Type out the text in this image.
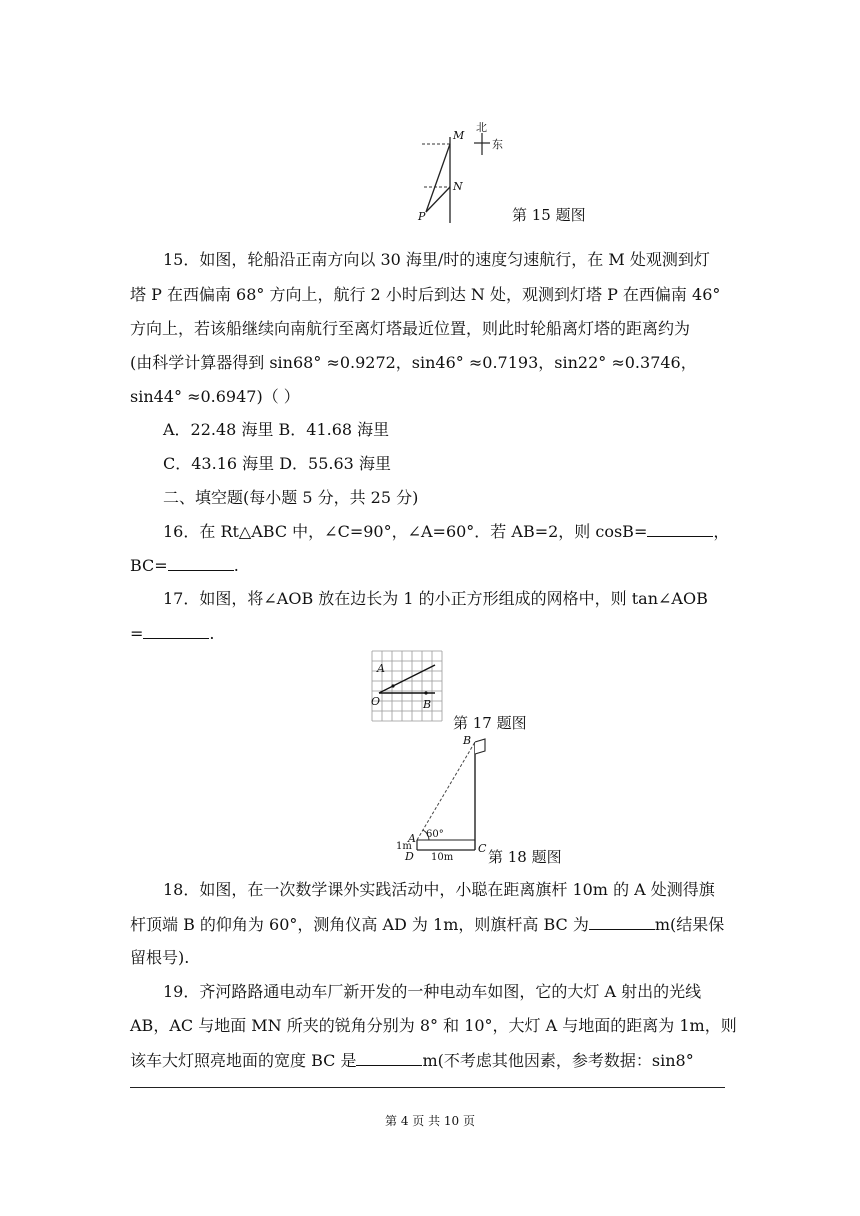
M
N
P
北
东
第 15 题图
15．如图，轮船沿正南方向以 30 海里/时的速度匀速航行，在 M 处观测到灯
塔 P 在西偏南 68° 方向上，航行 2 小时后到达 N 处，观测到灯塔 P 在西偏南 46°
方向上，若该船继续向南航行至离灯塔最近位置，则此时轮船离灯塔的距离约为
(由科学计算器得到 sin68° ≈0.9272，sin46° ≈0.7193，sin22° ≈0.3746，
sin44° ≈0.6947)（ ）
A．22.48 海里 B．41.68 海里
C．43.16 海里 D．55.63 海里
二、填空题(每小题 5 分，共 25 分)
16．在 Rt△ABC 中，∠C=90°，∠A=60°．若 AB=2，则 cosB=	，
BC=	.
17．如图，将∠AOB 放在边长为 1 的小正方形组成的网格中，则 tan∠AOB
=	.
A
O	B
第 17 题图
B
A 60°
1m
D
C
10m 第 18 题图
18．如图，在一次数学课外实践活动中，小聪在距离旗杆 10m 的 A 处测得旗
杆顶端 B 的仰角为 60°，测角仪高 AD 为 1m，则旗杆高 BC 为	m(结果保
留根号).
19．齐河路路通电动车厂新开发的一种电动车如图，它的大灯 A 射出的光线
AB，AC 与地面 MN 所夹的锐角分别为 8° 和 10°，大灯 A 与地面的距离为 1m，则
该车大灯照亮地面的宽度 BC 是	m(不考虑其他因素，参考数据：sin8°
第 4 页 共 10 页
